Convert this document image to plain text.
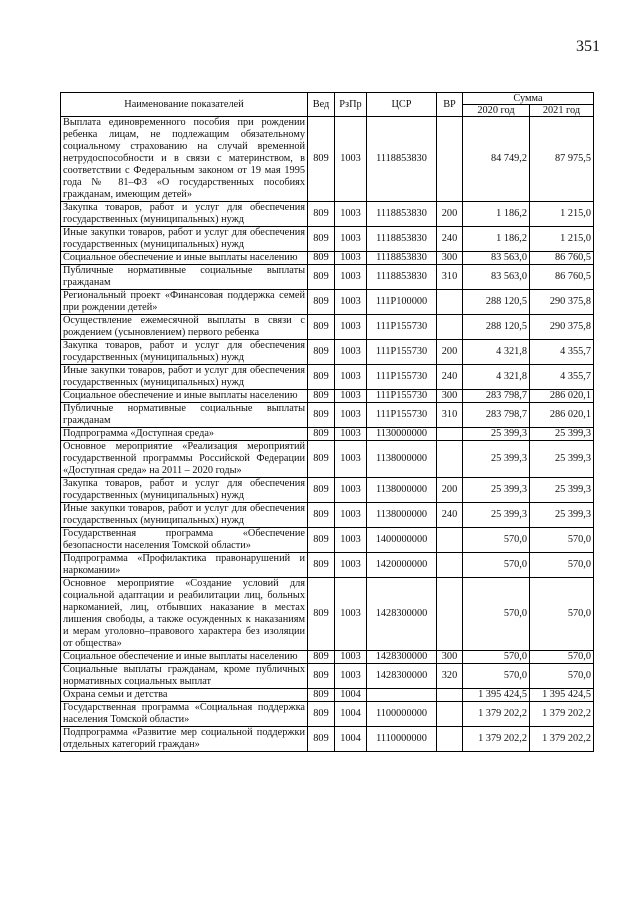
351
Наименование показателей	Вед	РзПр	ЦСР	ВР	Сумма	
					2020 год	2021 год
Выплата единовременного пособия при рождении ребенка лицам, не подлежащим обязательному социальному страхованию на случай временной нетрудоспособности и в связи с материнством, в соответствии с Федеральным законом от 19 мая 1995 года № 81–ФЗ «О государственных пособиях гражданам, имеющим детей»	809	1003	1118853830		84 749,2	87 975,5
Закупка товаров, работ и услуг для обеспечения государственных (муниципальных) нужд	809	1003	1118853830	200	1 186,2	1 215,0
Иные закупки товаров, работ и услуг для обеспечения государственных (муниципальных) нужд	809	1003	1118853830	240	1 186,2	1 215,0
Социальное обеспечение и иные выплаты населению	809	1003	1118853830	300	83 563,0	86 760,5
Публичные нормативные социальные выплаты гражданам	809	1003	1118853830	310	83 563,0	86 760,5
Региональный проект «Финансовая поддержка семей при рождении детей»	809	1003	111P100000		288 120,5	290 375,8
Осуществление ежемесячной выплаты в связи с рождением (усыновлением) первого ребенка	809	1003	111P155730		288 120,5	290 375,8
Закупка товаров, работ и услуг для обеспечения государственных (муниципальных) нужд	809	1003	111P155730	200	4 321,8	4 355,7
Иные закупки товаров, работ и услуг для обеспечения государственных (муниципальных) нужд	809	1003	111P155730	240	4 321,8	4 355,7
Социальное обеспечение и иные выплаты населению	809	1003	111P155730	300	283 798,7	286 020,1
Публичные нормативные социальные выплаты гражданам	809	1003	111P155730	310	283 798,7	286 020,1
Подпрограмма «Доступная среда»	809	1003	1130000000		25 399,3	25 399,3
Основное мероприятие «Реализация мероприятий государственной программы Российской Федерации «Доступная среда» на 2011 – 2020 годы»	809	1003	1138000000		25 399,3	25 399,3
Закупка товаров, работ и услуг для обеспечения государственных (муниципальных) нужд	809	1003	1138000000	200	25 399,3	25 399,3
Иные закупки товаров, работ и услуг для обеспечения государственных (муниципальных) нужд	809	1003	1138000000	240	25 399,3	25 399,3
Государственная программа «Обеспечение безопасности населения Томской области»	809	1003	1400000000		570,0	570,0
Подпрограмма «Профилактика правонарушений и наркомании»	809	1003	1420000000		570,0	570,0
Основное мероприятие «Создание условий для социальной адаптации и реабилитации лиц, больных наркоманией, лиц, отбывших наказание в местах лишения свободы, а также осужденных к наказаниям и мерам уголовно–правового характера без изоляции от общества»	809	1003	1428300000		570,0	570,0
Социальное обеспечение и иные выплаты населению	809	1003	1428300000	300	570,0	570,0
Социальные выплаты гражданам, кроме публичных нормативных социальных выплат	809	1003	1428300000	320	570,0	570,0
Охрана семьи и детства	809	1004			1 395 424,5	1 395 424,5
Государственная программа «Социальная поддержка населения Томской области»	809	1004	1100000000		1 379 202,2	1 379 202,2
Подпрограмма «Развитие мер социальной поддержки отдельных категорий граждан»	809	1004	1110000000		1 379 202,2	1 379 202,2
